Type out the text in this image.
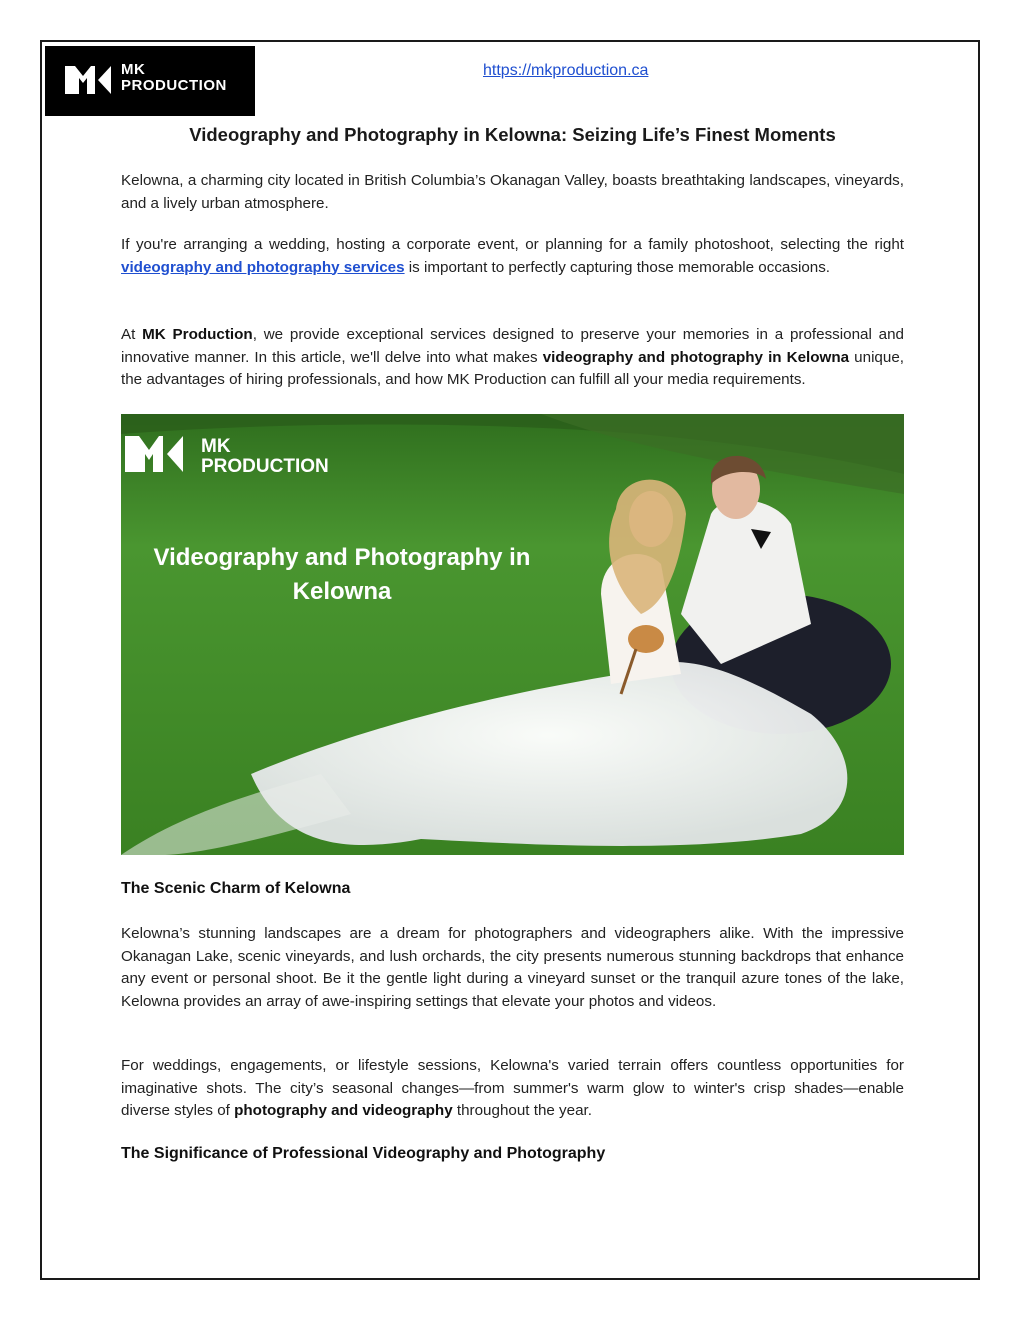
MK
PRODUCTION
https://mkproduction.ca
Videography and Photography in Kelowna: Seizing Life’s Finest Moments

Kelowna, a charming city located in British Columbia’s Okanagan Valley, boasts breathtaking landscapes, vineyards, and a lively urban atmosphere.

If you're arranging a wedding, hosting a corporate event, or planning for a family photoshoot, selecting the right videography and photography services is important to perfectly capturing those memorable occasions.

At MK Production, we provide exceptional services designed to preserve your memories in a professional and innovative manner. In this article, we'll delve into what makes videography and photography in Kelowna unique, the advantages of hiring professionals, and how MK Production can fulfill all your media requirements.

MK
PRODUCTION
Videography and Photography in
Kelowna
The Scenic Charm of Kelowna

Kelowna’s stunning landscapes are a dream for photographers and videographers alike. With the impressive Okanagan Lake, scenic vineyards, and lush orchards, the city presents numerous stunning backdrops that enhance any event or personal shoot. Be it the gentle light during a vineyard sunset or the tranquil azure tones of the lake, Kelowna provides an array of awe-inspiring settings that elevate your photos and videos.

For weddings, engagements, or lifestyle sessions, Kelowna's varied terrain offers countless opportunities for imaginative shots. The city’s seasonal changes—from summer's warm glow to winter's crisp shades—enable diverse styles of photography and videography throughout the year.

The Significance of Professional Videography and Photography
